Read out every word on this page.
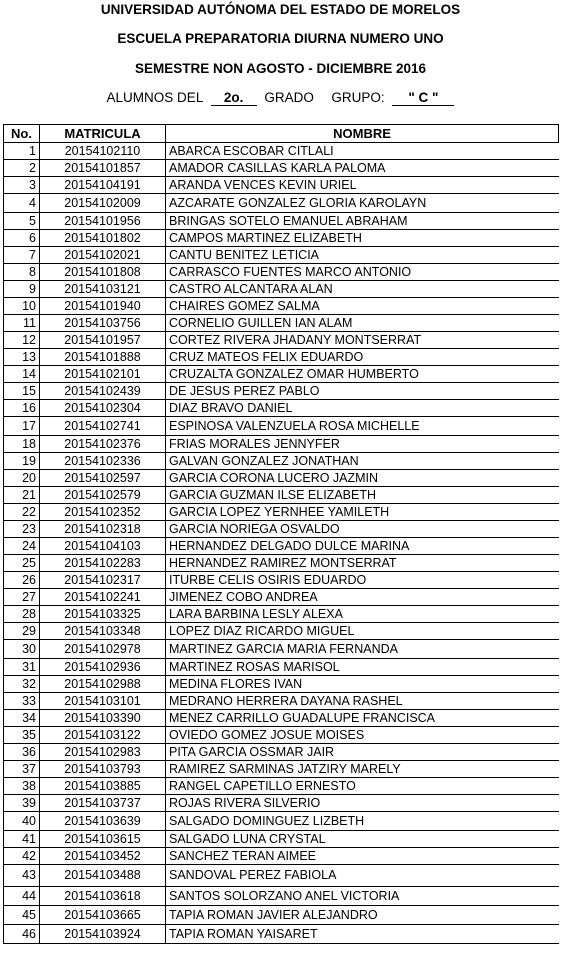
UNIVERSIDAD AUTÓNOMA DEL ESTADO DE MORELOS
ESCUELA PREPARATORIA DIURNA NUMERO UNO
SEMESTRE NON AGOSTO - DICIEMBRE 2016
ALUMNOS DEL 2o. GRADO GRUPO: " C "
No.	MATRICULA	NOMBRE
1	20154102110	ABARCA ESCOBAR CITLALI
2	20154101857	AMADOR CASILLAS KARLA PALOMA
3	20154104191	ARANDA VENCES KEVIN URIEL
4	20154102009	AZCARATE GONZALEZ GLORIA KAROLAYN
5	20154101956	BRINGAS SOTELO EMANUEL ABRAHAM
6	20154101802	CAMPOS MARTINEZ ELIZABETH
7	20154102021	CANTU BENITEZ LETICIA
8	20154101808	CARRASCO FUENTES MARCO ANTONIO
9	20154103121	CASTRO ALCANTARA ALAN
10	20154101940	CHAIRES GOMEZ SALMA
11	20154103756	CORNELIO GUILLEN IAN ALAM
12	20154101957	CORTEZ RIVERA JHADANY MONTSERRAT
13	20154101888	CRUZ MATEOS FELIX EDUARDO
14	20154102101	CRUZALTA GONZALEZ OMAR HUMBERTO
15	20154102439	DE JESUS PEREZ PABLO
16	20154102304	DIAZ BRAVO DANIEL
17	20154102741	ESPINOSA VALENZUELA ROSA MICHELLE
18	20154102376	FRIAS MORALES JENNYFER
19	20154102336	GALVAN GONZALEZ JONATHAN
20	20154102597	GARCIA CORONA LUCERO JAZMIN
21	20154102579	GARCIA GUZMAN ILSE ELIZABETH
22	20154102352	GARCIA LOPEZ YERNHEE YAMILETH
23	20154102318	GARCIA NORIEGA OSVALDO
24	20154104103	HERNANDEZ DELGADO DULCE MARINA
25	20154102283	HERNANDEZ RAMIREZ MONTSERRAT
26	20154102317	ITURBE CELIS OSIRIS EDUARDO
27	20154102241	JIMENEZ COBO ANDREA
28	20154103325	LARA BARBINA LESLY ALEXA
29	20154103348	LOPEZ DIAZ RICARDO MIGUEL
30	20154102978	MARTINEZ GARCIA MARIA FERNANDA
31	20154102936	MARTINEZ ROSAS MARISOL
32	20154102988	MEDINA FLORES IVAN
33	20154103101	MEDRANO HERRERA DAYANA RASHEL
34	20154103390	MENEZ CARRILLO GUADALUPE FRANCISCA
35	20154103122	OVIEDO GOMEZ JOSUE MOISES
36	20154102983	PITA GARCIA OSSMAR JAIR
37	20154103793	RAMIREZ SARMINAS JATZIRY MARELY
38	20154103885	RANGEL CAPETILLO ERNESTO
39	20154103737	ROJAS RIVERA SILVERIO
40	20154103639	SALGADO DOMINGUEZ LIZBETH
41	20154103615	SALGADO LUNA CRYSTAL
42	20154103452	SANCHEZ TERAN AIMEE
43	20154103488	SANDOVAL PEREZ FABIOLA
44	20154103618	SANTOS SOLORZANO ANEL VICTORIA
45	20154103665	TAPIA ROMAN JAVIER ALEJANDRO
46	20154103924	TAPIA ROMAN YAISARET
